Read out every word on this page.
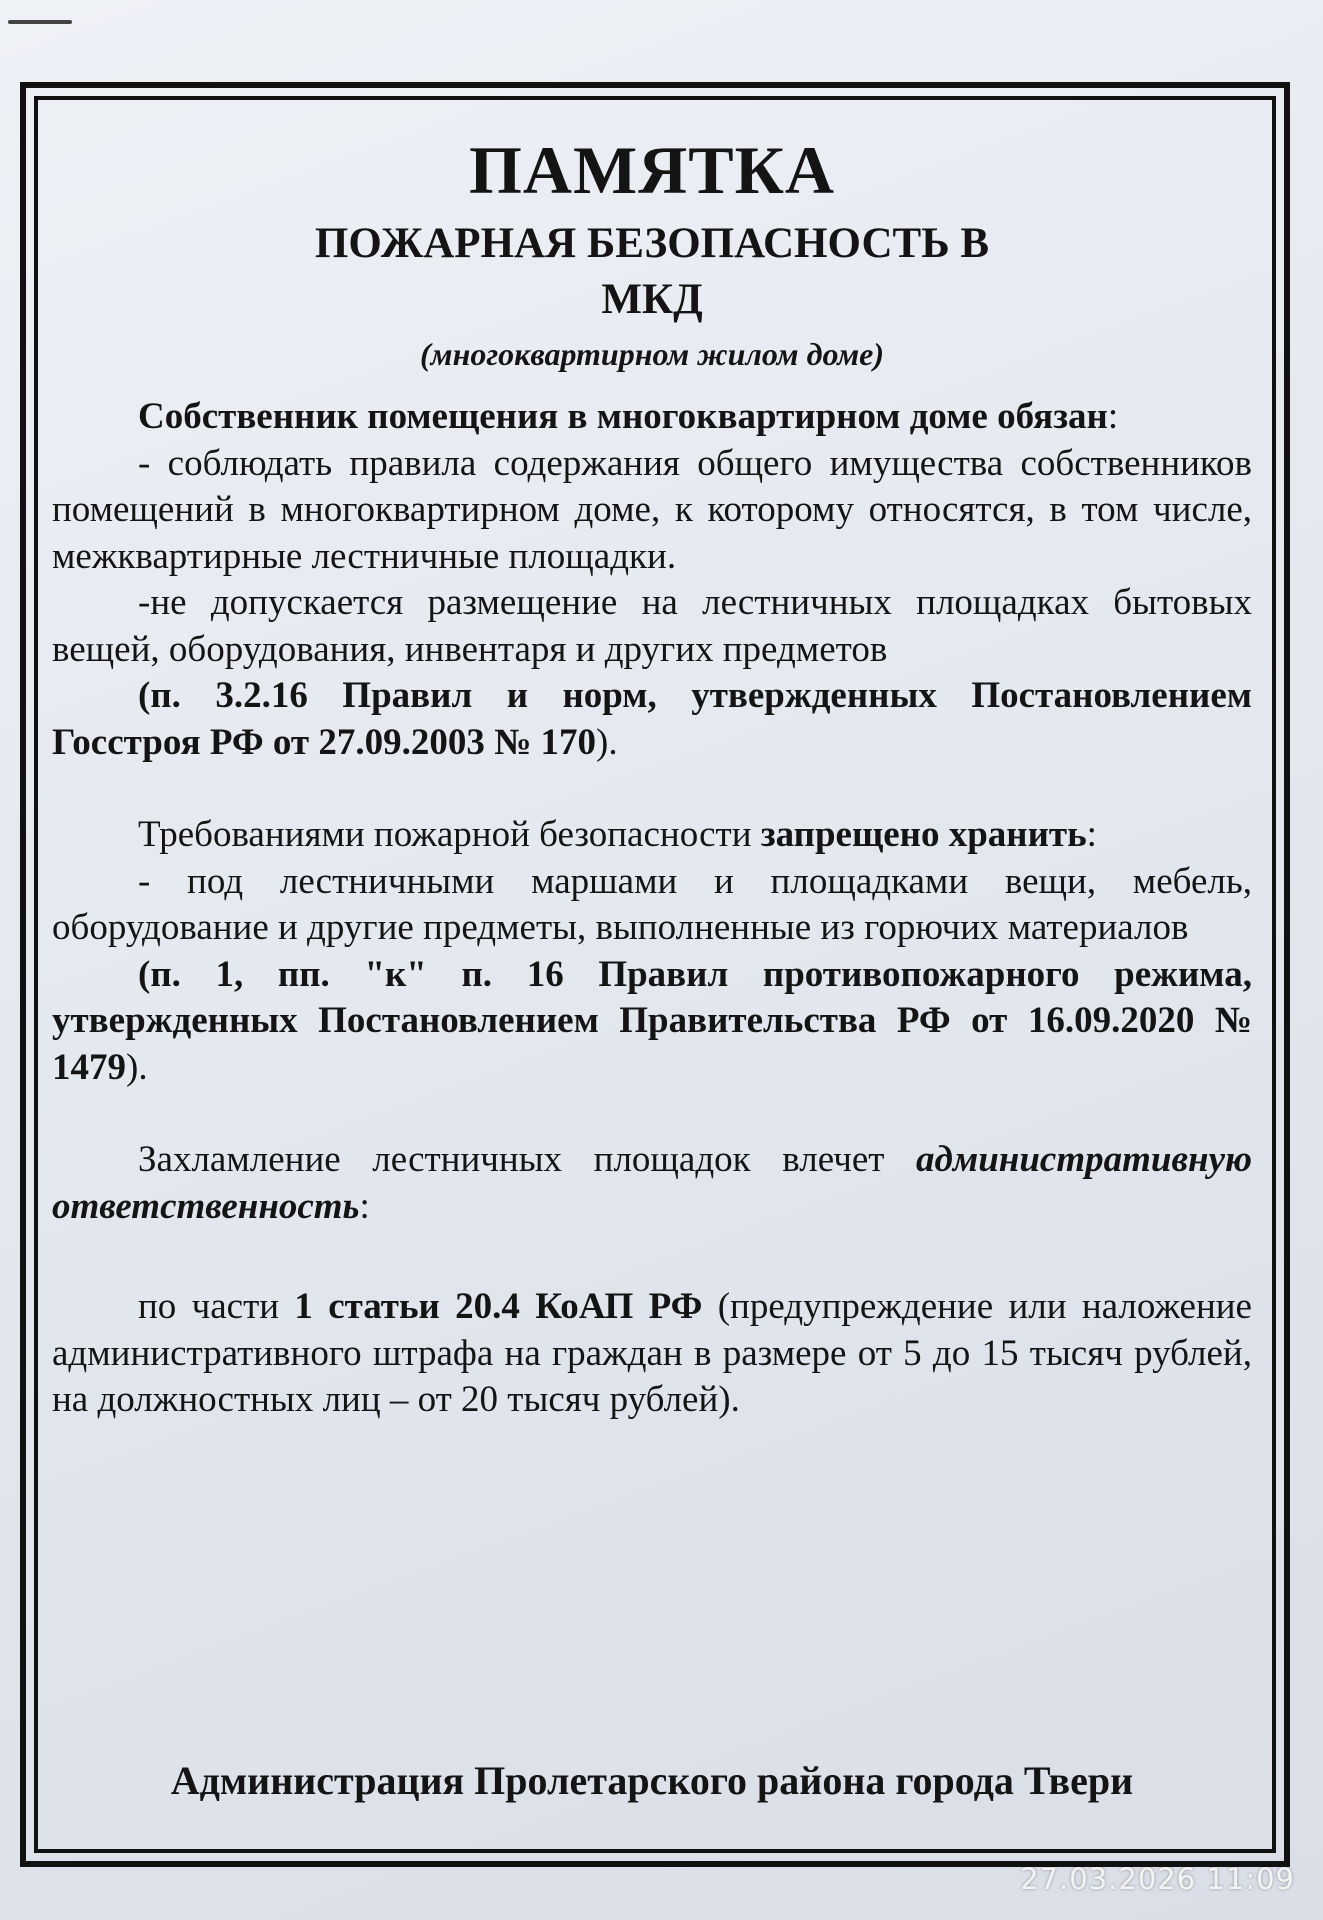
ПАМЯТКА
ПОЖАРНАЯ БЕЗОПАСНОСТЬ В
МКД
(многоквартирном жилом доме)

Собственник помещения в многоквартирном доме обязан:

- соблюдать правила содержания общего имущества собственников помещений в многоквартирном доме, к которому относятся, в том числе, межквартирные лестничные площадки.

-не допускается размещение на лестничных площадках бытовых вещей, оборудования, инвентаря и других предметов

(п. 3.2.16 Правил и норм, утвержденных Постановлением Госстроя РФ от 27.09.2003 № 170).

Требованиями пожарной безопасности запрещено хранить:

- под лестничными маршами и площадками вещи, мебель, оборудование и другие предметы, выполненные из горючих материалов

(п. 1, пп. "к" п. 16 Правил противопожарного режима, утвержденных Постановлением Правительства РФ от 16.09.2020 № 1479).

Захламление лестничных площадок влечет административную ответственность:

по части 1 статьи 20.4 КоАП РФ (предупреждение или наложение административного штрафа на граждан в размере от 5 до 15 тысяч рублей, на должностных лиц – от 20 тысяч рублей).

Администрация Пролетарского района города Твери
27.03.2026 11:09
